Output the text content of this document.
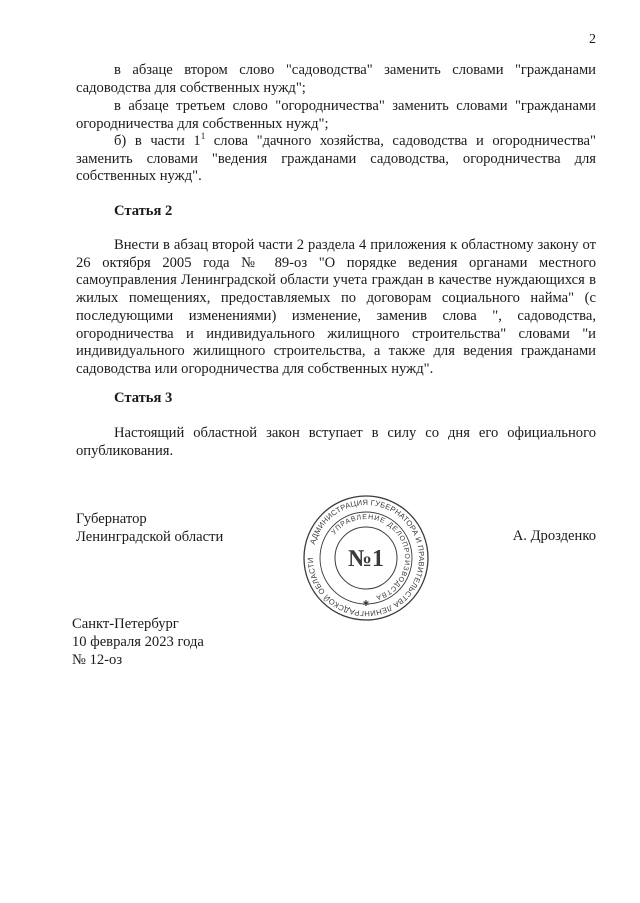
2

в абзаце втором слово "садоводства" заменить словами "гражданами садоводства для собственных нужд";

в абзаце третьем слово "огородничества" заменить словами "гражданами огородничества для собственных нужд";

б) в части $1^1$ слова "дачного хозяйства, садоводства и огородничества" заменить словами "ведения гражданами садоводства, огородничества для собственных нужд".

Статья 2

Внести в абзац второй части 2 раздела 4 приложения к областному закону от 26 октября 2005 года № 89-оз "О порядке ведения органами местного самоуправления Ленинградской области учета граждан в качестве нуждающихся в жилых помещениях, предоставляемых по договорам социального найма" (с последующими изменениями) изменение, заменив слова ", садоводства, огородничества и индивидуального жилищного строительства" словами "и индивидуального жилищного строительства, а также для ведения гражданами садоводства или огородничества для собственных нужд".

Статья 3

Настоящий областной закон вступает в силу со дня его официального опубликования.

Губернатор
Ленинградской области	А. Дрозденко
АДМИНИСТРАЦИЯ ГУБЕРНАТОРА И ПРАВИТЕЛЬСТВА ЛЕНИНГРАДСКОЙ ОБЛАСТИ
УПРАВЛЕНИЕ ДЕЛОПРОИЗВОДСТВА
№1
✱
Санкт-Петербург
10 февраля 2023 года
№ 12-оз
